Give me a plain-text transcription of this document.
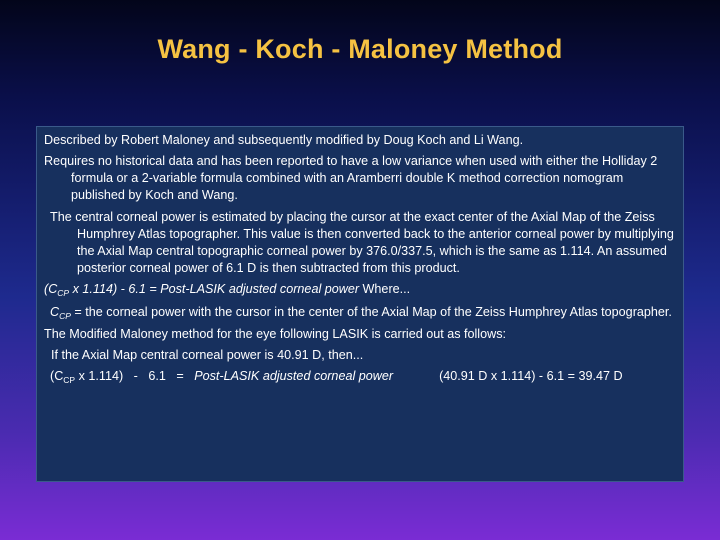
Wang - Koch - Maloney Method
Described by Robert Maloney and subsequently modified by Doug Koch and Li Wang.
Requires no historical data and has been reported to have a low variance when used with either the Holliday 2 formula or a 2-variable formula combined with an Aramberri double K method correction nomogram published by Koch and Wang.
The central corneal power is estimated by placing the cursor at the exact center of the Axial Map of the Zeiss Humphrey Atlas topographer. This value is then converted back to the anterior corneal power by multiplying the Axial Map central topographic corneal power by 376.0/337.5, which is the same as 1.114. An assumed posterior corneal power of 6.1 D is then subtracted from this product.
($C_{CP}$ x 1.114) - 6.1 = Post-LASIK adjusted corneal power Where...
$C_{CP}$ = the corneal power with the cursor in the center of the Axial Map of the Zeiss Humphrey Atlas topographer.
The Modified Maloney method for the eye following LASIK is carried out as follows:
If the Axial Map central corneal power is 40.91 D, then...
($C_{CP}$ x 1.114)   -   6.1   =   Post-LASIK adjusted corneal power	(40.91 D x 1.114) - 6.1 = 39.47 D
